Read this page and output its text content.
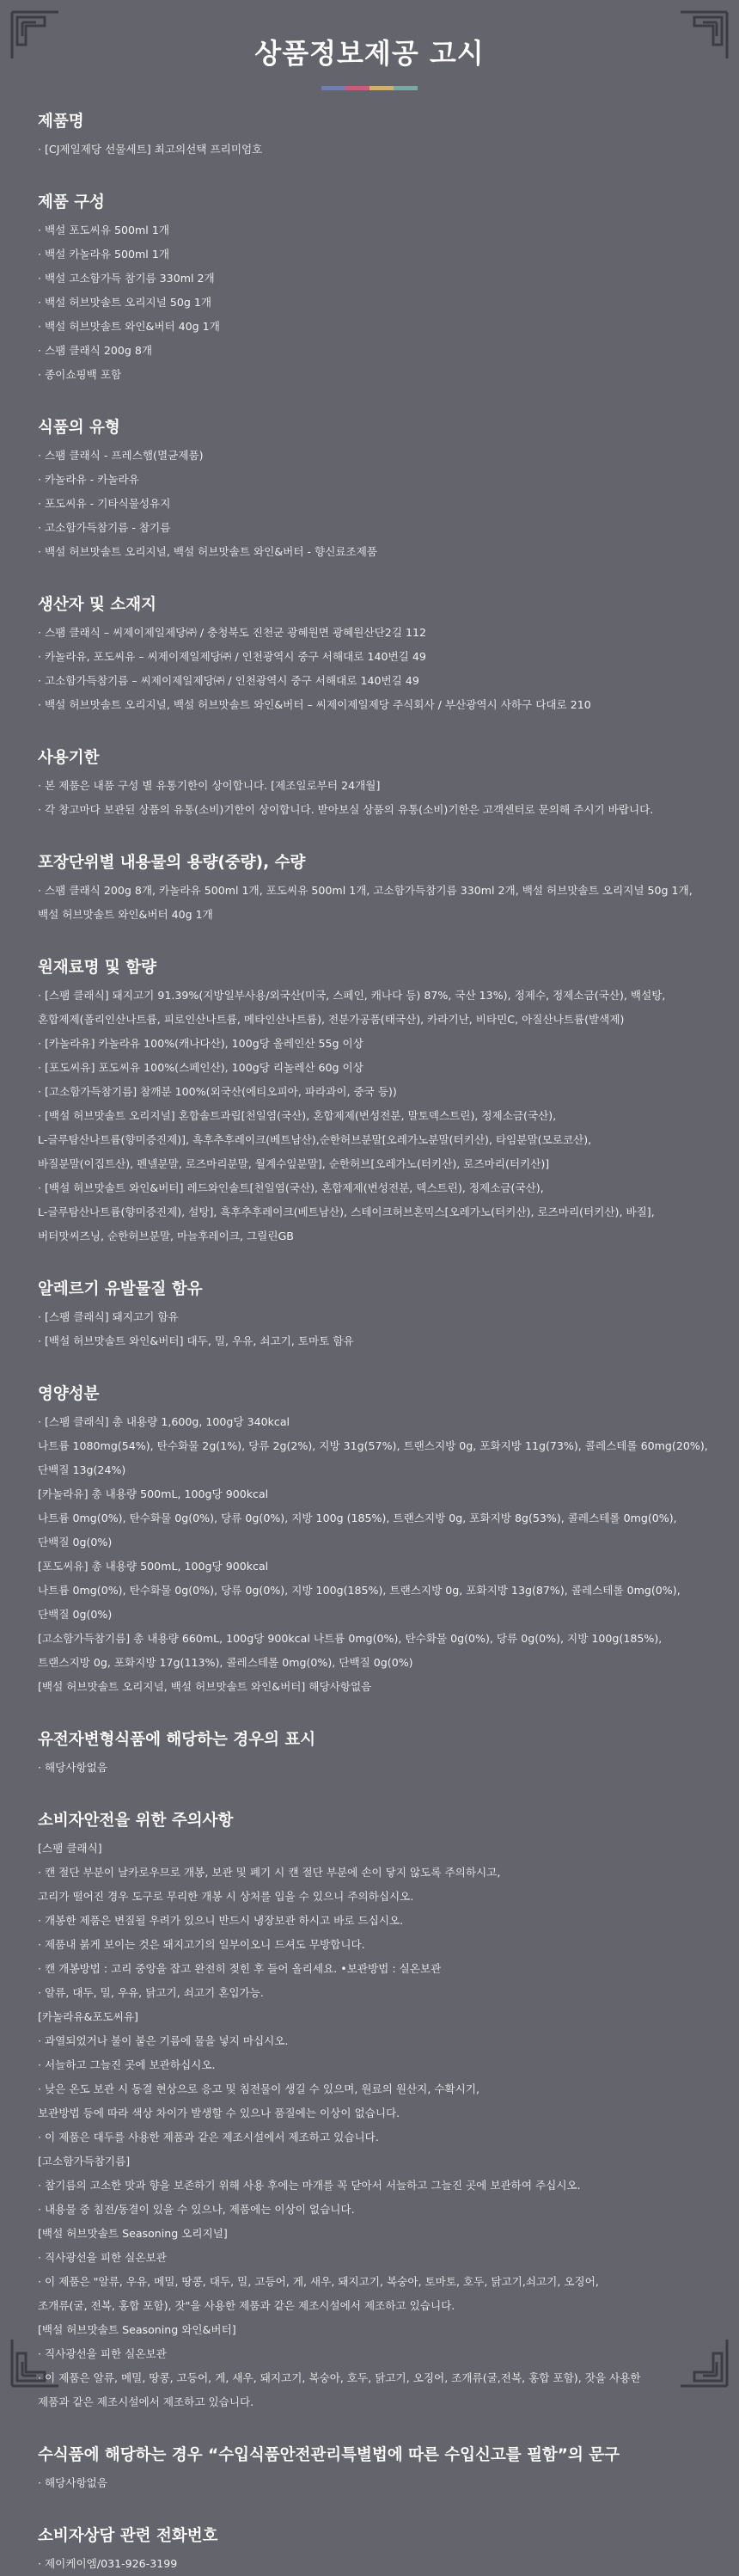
상품정보제공 고시
제품명

· [CJ제일제당 선물세트] 최고의선택 프리미엄호

제품 구성

· 백설 포도씨유 500ml 1개

· 백설 카놀라유 500ml 1개

· 백설 고소함가득 참기름 330ml 2개

· 백설 허브맛솔트 오리지널 50g 1개

· 백설 허브맛솔트 와인&버터 40g 1개

· 스팸 클래식 200g 8개

· 종이쇼핑백 포함

식품의 유형

· 스팸 클래식 - 프레스햄(멸균제품)

· 카놀라유 - 카놀라유

· 포도씨유 - 기타식물성유지

· 고소함가득참기름 - 참기름

· 백설 허브맛솔트 오리지널, 백설 허브맛솔트 와인&버터 - 향신료조제품

생산자 및 소재지

· 스팸 클래식 – 씨제이제일제당㈜ / 충청북도 진천군 광혜원면 광혜원산단2길 112

· 카놀라유, 포도씨유 – 씨제이제일제당㈜ / 인천광역시 중구 서해대로 140번길 49

· 고소함가득참기름 – 씨제이제일제당㈜ / 인천광역시 중구 서해대로 140번길 49

· 백설 허브맛솔트 오리지널, 백설 허브맛솔트 와인&버터 – 씨제이제일제당 주식회사 / 부산광역시 사하구 다대로 210

사용기한

· 본 제품은 내품 구성 별 유통기한이 상이합니다. [제조일로부터 24개월]

· 각 창고마다 보관된 상품의 유통(소비)기한이 상이합니다. 받아보실 상품의 유통(소비)기한은 고객센터로 문의해 주시기 바랍니다.

포장단위별 내용물의 용량(중량), 수량

· 스팸 클래식 200g 8개, 카놀라유 500ml 1개, 포도씨유 500ml 1개, 고소함가득참기름 330ml 2개, 백설 허브맛솔트 오리지널 50g 1개,

백설 허브맛솔트 와인&버터 40g 1개

원재료명 및 함량

· [스팸 클래식] 돼지고기 91.39%(지방일부사용/외국산(미국, 스페인, 캐나다 등) 87%, 국산 13%), 정제수, 정제소금(국산), 백설탕,

혼합제제(폴리인산나트륨, 피로인산나트륨, 메타인산나트륨), 전분가공품(태국산), 카라기난, 비타민C, 아질산나트륨(발색제)

· [카놀라유] 카놀라유 100%(캐나다산), 100g당 올레인산 55g 이상

· [포도씨유] 포도씨유 100%(스페인산), 100g당 리놀레산 60g 이상

· [고소함가득참기름] 참깨분 100%(외국산(에티오피아, 파라과이, 중국 등))

· [백설 허브맛솔트 오리지널] 혼합솔트과립[천일염(국산), 혼합제제(변성전분, 말토덱스트린), 정제소금(국산),

L-글루탐산나트륨(향미증진제)], 흑후추후레이크(베트남산),순한허브분말[오레가노분말(터키산), 타임분말(모로코산),

바질분말(이집트산), 펜넬분말, 로즈마리분말, 월계수잎분말], 순한허브[오레가노(터키산), 로즈마리(터키산)]

· [백설 허브맛솔트 와인&버터] 레드와인솔트[천일염(국산), 혼합제제(변성전분, 덱스트린), 정제소금(국산),

L-글루탐산나트륨(향미증진제), 설탕], 흑후추후레이크(베트남산), 스테이크허브혼믹스[오레가노(터키산), 로즈마리(터키산), 바질],

버터맛씨즈닝, 순한허브분말, 마늘후레이크, 그릴린GB

알레르기 유발물질 함유

· [스팸 클래식] 돼지고기 함유

· [백설 허브맛솔트 와인&버터] 대두, 밀, 우유, 쇠고기, 토마토 함유

영양성분

· [스팸 클래식] 총 내용량 1,600g, 100g당 340kcal

나트륨 1080mg(54%), 탄수화물 2g(1%), 당류 2g(2%), 지방 31g(57%), 트랜스지방 0g, 포화지방 11g(73%), 콜레스테롤 60mg(20%),

단백질 13g(24%)

[카놀라유] 총 내용량 500mL, 100g당 900kcal

나트륨 0mg(0%), 탄수화물 0g(0%), 당류 0g(0%), 지방 100g (185%), 트랜스지방 0g, 포화지방 8g(53%), 콜레스테롤 0mg(0%),

단백질 0g(0%)

[포도씨유] 총 내용량 500mL, 100g당 900kcal

나트륨 0mg(0%), 탄수화물 0g(0%), 당류 0g(0%), 지방 100g(185%), 트랜스지방 0g, 포화지방 13g(87%), 콜레스테롤 0mg(0%),

단백질 0g(0%)

[고소함가득참기름] 총 내용량 660mL, 100g당 900kcal 나트륨 0mg(0%), 탄수화물 0g(0%), 당류 0g(0%), 지방 100g(185%),

트랜스지방 0g, 포화지방 17g(113%), 콜레스테롤 0mg(0%), 단백질 0g(0%)

[백설 허브맛솔트 오리지널, 백설 허브맛솔트 와인&버터] 해당사항없음

유전자변형식품에 해당하는 경우의 표시

· 해당사항없음

소비자안전을 위한 주의사항

[스팸 클래식]

· 캔 절단 부분이 날카로우므로 개봉, 보관 및 폐기 시 캔 절단 부분에 손이 닿지 않도록 주의하시고,

고리가 떨어진 경우 도구로 무리한 개봉 시 상처를 입을 수 있으니 주의하십시오.

· 개봉한 제품은 변질될 우려가 있으니 반드시 냉장보관 하시고 바로 드십시오.

· 제품내 붉게 보이는 것은 돼지고기의 일부이오니 드셔도 무방합니다.

· 캔 개봉방법 : 고리 중앙을 잡고 완전히 젖힌 후 들어 올리세요. •보관방법 : 실온보관

· 알류, 대두, 밀, 우유, 닭고기, 쇠고기 혼입가능.

[카놀라유&포도씨유]

· 과열되었거나 불이 붙은 기름에 물을 넣지 마십시오.

· 서늘하고 그늘진 곳에 보관하십시오.

· 낮은 온도 보관 시 동결 현상으로 응고 및 침전물이 생길 수 있으며, 원료의 원산지, 수확시기,

보관방법 등에 따라 색상 차이가 발생할 수 있으나 품질에는 이상이 없습니다.

· 이 제품은 대두를 사용한 제품과 같은 제조시설에서 제조하고 있습니다.

[고소함가득참기름]

· 참기름의 고소한 맛과 향을 보존하기 위해 사용 후에는 마개를 꼭 닫아서 서늘하고 그늘진 곳에 보관하여 주십시오.

· 내용물 중 침전/동결이 있을 수 있으나, 제품에는 이상이 없습니다.

[백설 허브맛솔트 Seasoning 오리지널]

· 직사광선을 피한 실온보관

· 이 제품은 "알류, 우유, 메밀, 땅콩, 대두, 밀, 고등어, 게, 새우, 돼지고기, 복숭아, 토마토, 호두, 닭고기,쇠고기, 오징어,

조개류(굴, 전복, 홍합 포함), 잣"을 사용한 제품과 같은 제조시설에서 제조하고 있습니다.

[백설 허브맛솔트 Seasoning 와인&버터]

· 직사광선을 피한 실온보관

· 이 제품은 알류, 메밀, 땅콩, 고등어, 게, 새우, 돼지고기, 복숭아, 호두, 닭고기, 오징어, 조개류(굴,전복, 홍합 포함), 잣을 사용한

제품과 같은 제조시설에서 제조하고 있습니다.

수식품에 해당하는 경우 “수입식품안전관리특별법에 따른 수입신고를 필함”의 문구

· 해당사항없음

소비자상담 관련 전화번호

· 제이케이엠/031-926-3199
